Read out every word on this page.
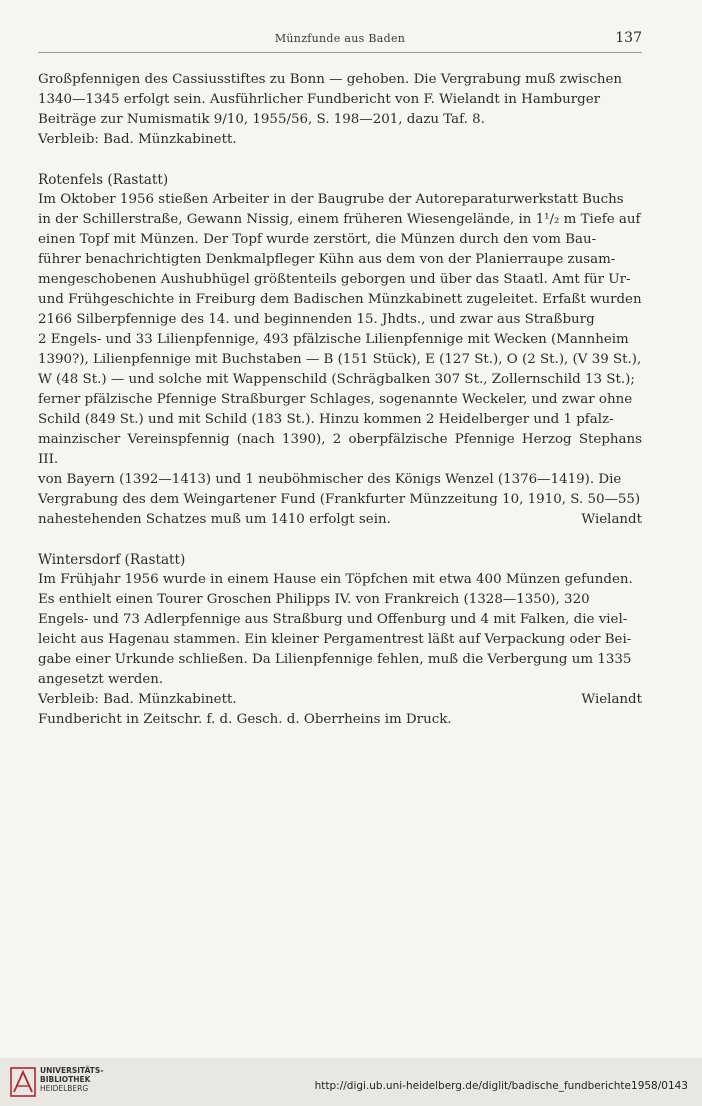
Münzfunde aus Baden	137

Großpfennigen des Cassiusstiftes zu Bonn — gehoben. Die Vergrabung muß zwischen

1340—1345 erfolgt sein. Ausführlicher Fundbericht von F. Wielandt in Hamburger

Beiträge zur Numismatik 9/10, 1955/56, S. 198—201, dazu Taf. 8.

Verbleib: Bad. Münzkabinett.

Rotenfels (Rastatt)

Im Oktober 1956 stießen Arbeiter in der Baugrube der Autoreparaturwerkstatt Buchs

in der Schillerstraße, Gewann Nissig, einem früheren Wiesengelände, in 1¹/₂ m Tiefe auf

einen Topf mit Münzen. Der Topf wurde zerstört, die Münzen durch den vom Bau-

führer benachrichtigten Denkmalpfleger Kühn aus dem von der Planierraupe zusam-

mengeschobenen Aushubhügel größtenteils geborgen und über das Staatl. Amt für Ur-

und Frühgeschichte in Freiburg dem Badischen Münzkabinett zugeleitet. Erfaßt wurden

2166 Silberpfennige des 14. und beginnenden 15. Jhdts., und zwar aus Straßburg

2 Engels- und 33 Lilienpfennige, 493 pfälzische Lilienpfennige mit Wecken (Mannheim

1390?), Lilienpfennige mit Buchstaben — B (151 Stück), E (127 St.), O (2 St.), (V 39 St.),

W (48 St.) — und solche mit Wappenschild (Schrägbalken 307 St., Zollernschild 13 St.);

ferner pfälzische Pfennige Straßburger Schlages, sogenannte Weckeler, und zwar ohne

Schild (849 St.) und mit Schild (183 St.). Hinzu kommen 2 Heidelberger und 1 pfalz-

mainzischer Vereinspfennig (nach 1390), 2 oberpfälzische Pfennige Herzog Stephans III.

von Bayern (1392—1413) und 1 neuböhmischer des Königs Wenzel (1376—1419). Die

Vergrabung des dem Weingartener Fund (Frankfurter Münzzeitung 10, 1910, S. 50—55)

nahestehenden Schatzes muß um 1410 erfolgt sein.	Wielandt

Wintersdorf (Rastatt)

Im Frühjahr 1956 wurde in einem Hause ein Töpfchen mit etwa 400 Münzen gefunden.

Es enthielt einen Tourer Groschen Philipps IV. von Frankreich (1328—1350), 320

Engels- und 73 Adlerpfennige aus Straßburg und Offenburg und 4 mit Falken, die viel-

leicht aus Hagenau stammen. Ein kleiner Pergamentrest läßt auf Verpackung oder Bei-

gabe einer Urkunde schließen. Da Lilienpfennige fehlen, muß die Verbergung um 1335

angesetzt werden.

Verbleib: Bad. Münzkabinett.	Wielandt

Fundbericht in Zeitschr. f. d. Gesch. d. Oberrheins im Druck.

UNIVERSITÄTS-
BIBLIOTHEK
HEIDELBERG	http://digi.ub.uni-heidelberg.de/diglit/badische_fundberichte1958/0143
